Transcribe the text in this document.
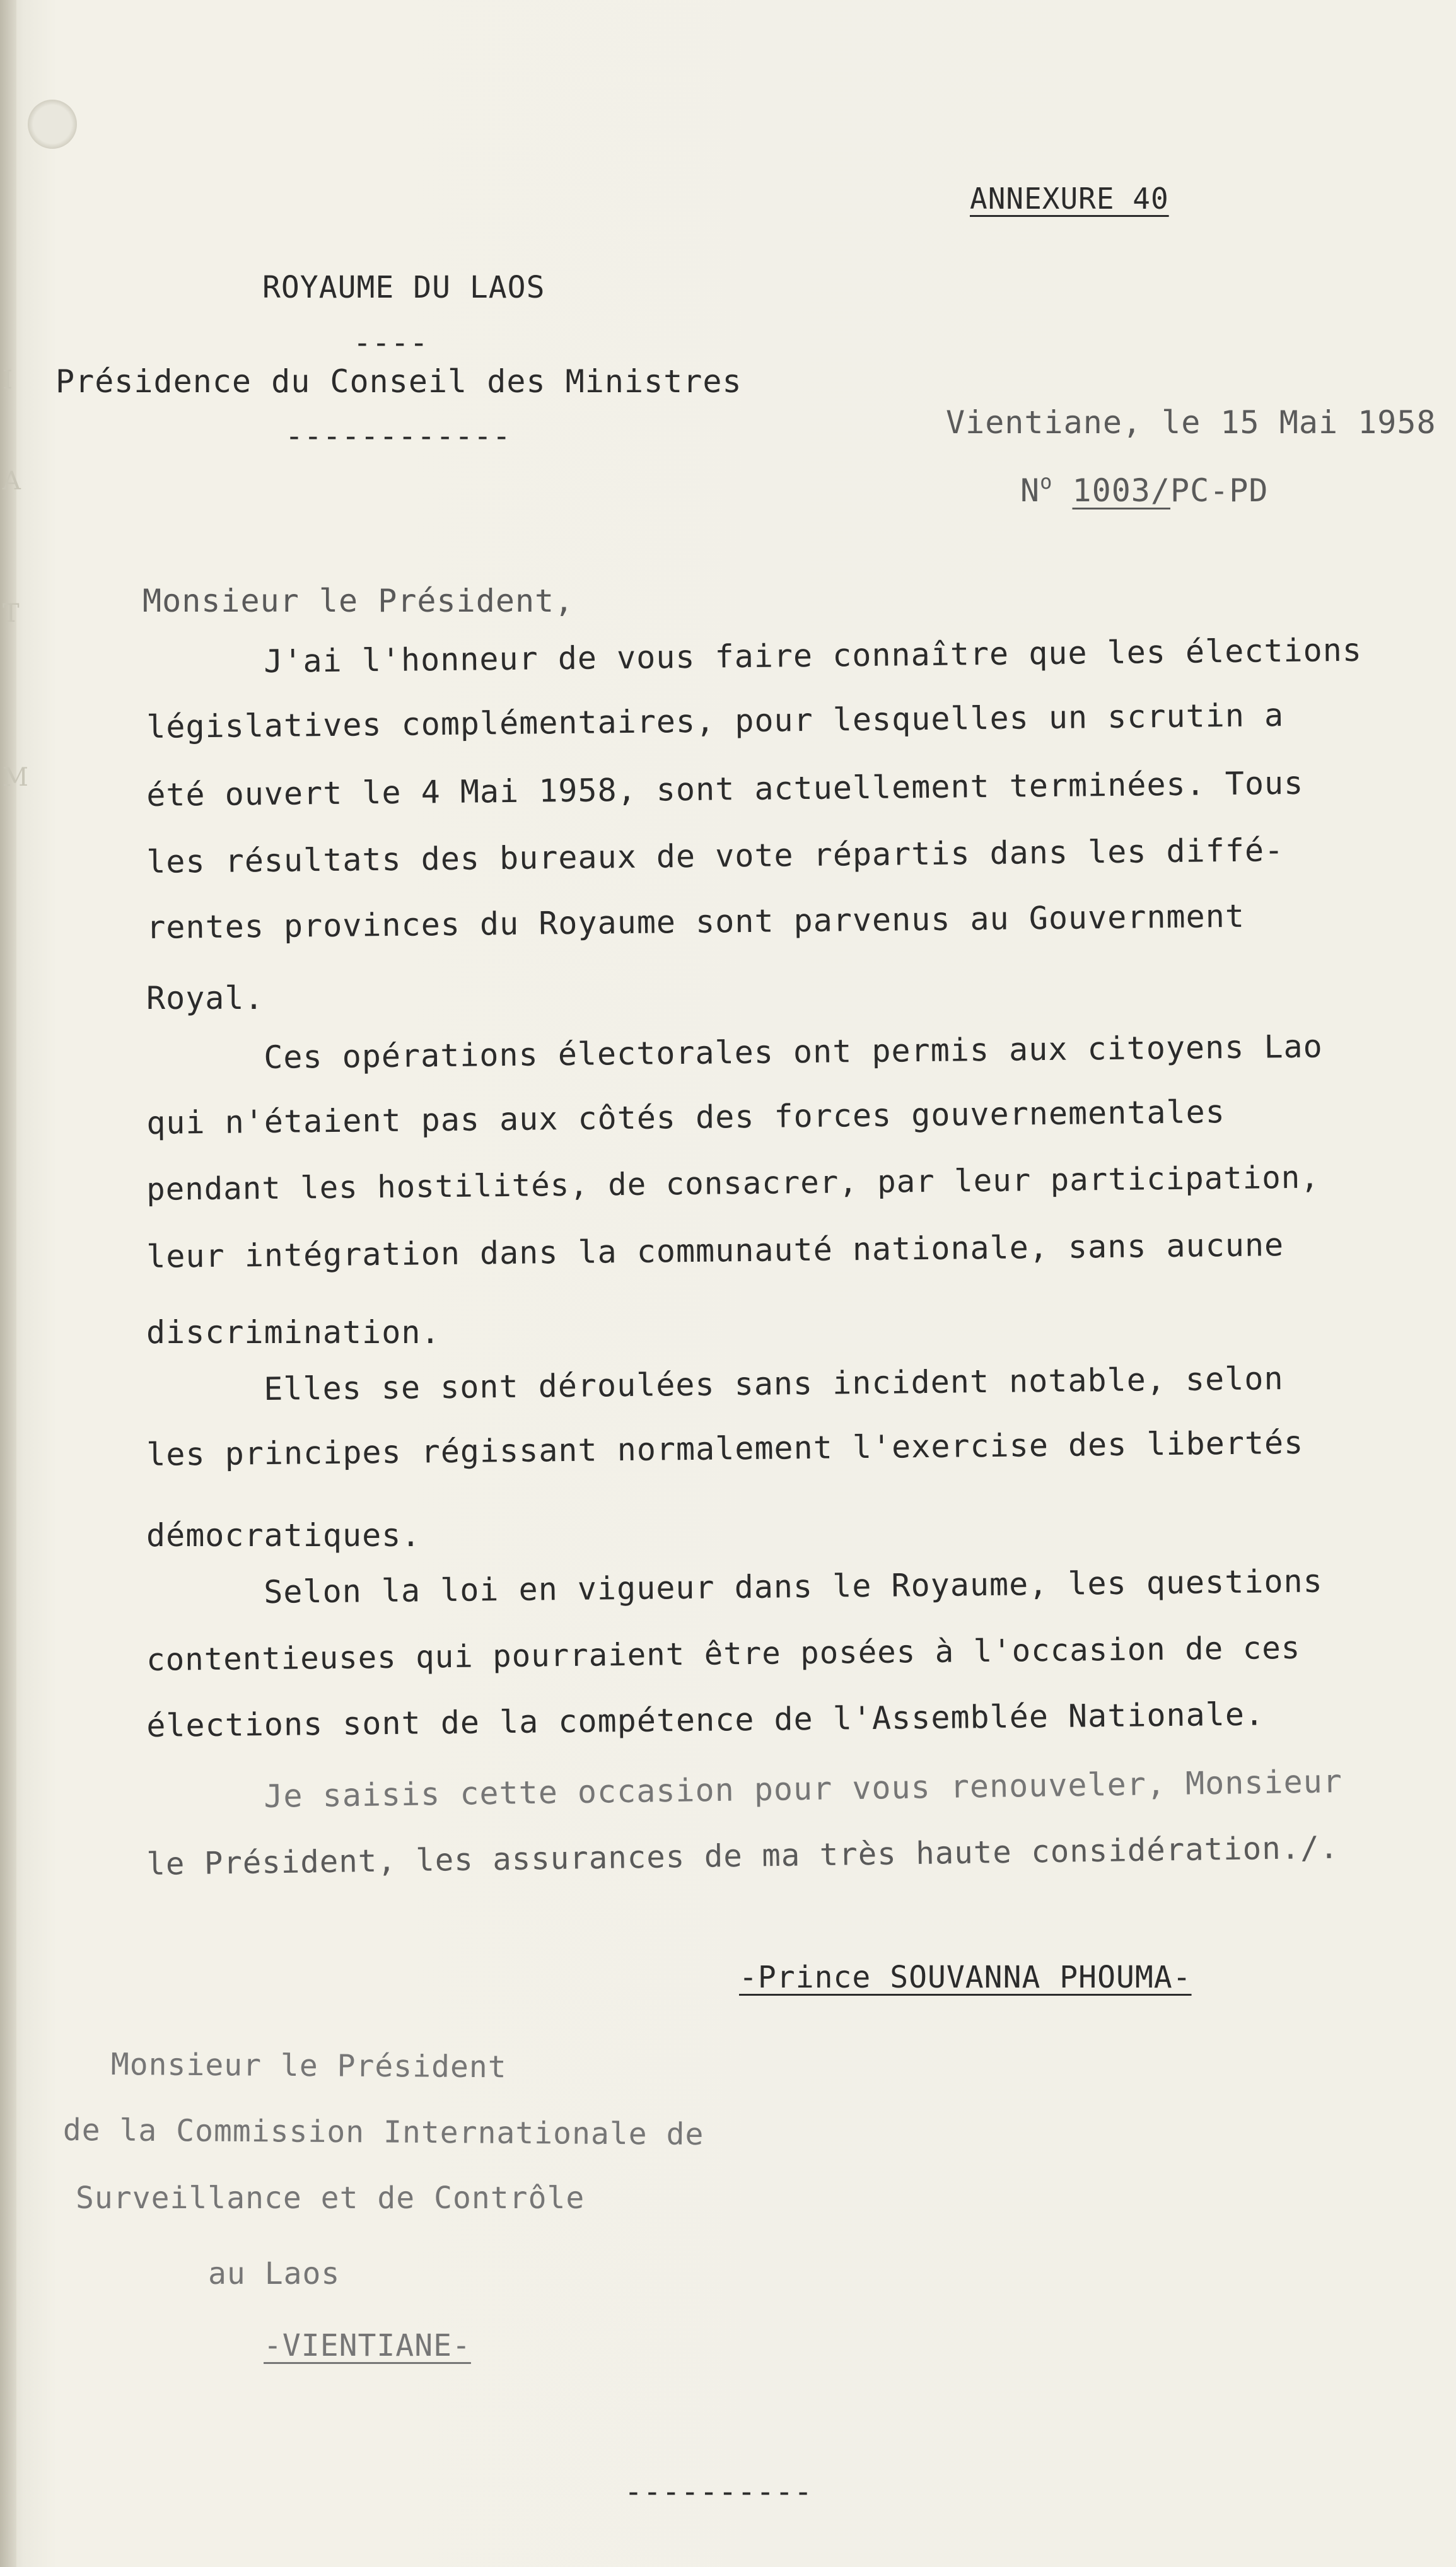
I
A
T
M
ANNEXURE 40
ROYAUME DU LAOS
----
Présidence du Conseil des Ministres
------------	Vientiane, le 15 Mai 1958
$N^o$ 1003/PC-PD
Monsieur le Président,
J'ai l'honneur de vous faire connaître que les élections
législatives complémentaires, pour lesquelles un scrutin a
été ouvert le 4 Mai 1958, sont actuellement terminées. Tous
les résultats des bureaux de vote répartis dans les diffé-
rentes provinces du Royaume sont parvenus au Gouvernment
Royal.
Ces opérations électorales ont permis aux citoyens Lao
qui n'étaient pas aux côtés des forces gouvernementales
pendant les hostilités, de consacrer, par leur participation,
leur intégration dans la communauté nationale, sans aucune
discrimination.
Elles se sont déroulées sans incident notable, selon
les principes régissant normalement l'exercise des libertés
démocratiques.
Selon la loi en vigueur dans le Royaume, les questions
contentieuses qui pourraient être posées à l'occasion de ces
élections sont de la compétence de l'Assemblée Nationale.
Je saisis cette occasion pour vous renouveler, Monsieur
le Président, les assurances de ma très haute considération./.
-Prince SOUVANNA PHOUMA-
Monsieur le Président
de la Commission Internationale de
Surveillance et de Contrôle
au Laos
-VIENTIANE-
----------
